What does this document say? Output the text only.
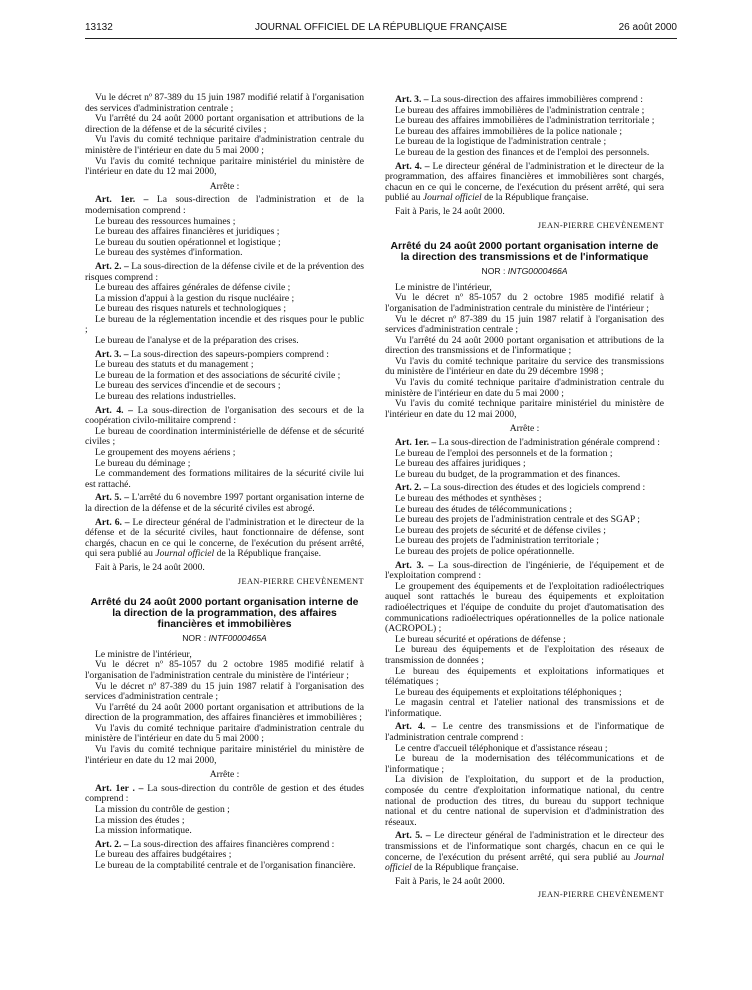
13132	JOURNAL OFFICIEL DE LA RÉPUBLIQUE FRANÇAISE	26 août 2000

Vu le décret nº 87-389 du 15 juin 1987 modifié relatif à l'organisation des services d'administration centrale ;

Vu l'arrêté du 24 août 2000 portant organisation et attributions de la direction de la défense et de la sécurité civiles ;

Vu l'avis du comité technique paritaire d'administration centrale du ministère de l'intérieur en date du 5 mai 2000 ;

Vu l'avis du comité technique paritaire ministériel du ministère de l'intérieur en date du 12 mai 2000,

Arrête :

Art. 1er. – La sous-direction de l'administration et de la modernisation comprend :

Le bureau des ressources humaines ;

Le bureau des affaires financières et juridiques ;

Le bureau du soutien opérationnel et logistique ;

Le bureau des systèmes d'information.

Art. 2. – La sous-direction de la défense civile et de la prévention des risques comprend :

Le bureau des affaires générales de défense civile ;

La mission d'appui à la gestion du risque nucléaire ;

Le bureau des risques naturels et technologiques ;

Le bureau de la réglementation incendie et des risques pour le public ;

Le bureau de l'analyse et de la préparation des crises.

Art. 3. – La sous-direction des sapeurs-pompiers comprend :

Le bureau des statuts et du management ;

Le bureau de la formation et des associations de sécurité civile ;

Le bureau des services d'incendie et de secours ;

Le bureau des relations industrielles.

Art. 4. – La sous-direction de l'organisation des secours et de la coopération civilo-militaire comprend :

Le bureau de coordination interministérielle de défense et de sécurité civiles ;

Le groupement des moyens aériens ;

Le bureau du déminage ;

Le commandement des formations militaires de la sécurité civile lui est rattaché.

Art. 5. – L'arrêté du 6 novembre 1997 portant organisation interne de la direction de la défense et de la sécurité civiles est abrogé.

Art. 6. – Le directeur général de l'administration et le directeur de la défense et de la sécurité civiles, haut fonctionnaire de défense, sont chargés, chacun en ce qui le concerne, de l'exécution du présent arrêté, qui sera publié au Journal officiel de la République française.

Fait à Paris, le 24 août 2000.

JEAN-PIERRE CHEVÈNEMENT

Arrêté du 24 août 2000 portant organisation interne de la direction de la programmation, des affaires financières et immobilières

NOR : INTF0000465A

Le ministre de l'intérieur,

Vu le décret nº 85-1057 du 2 octobre 1985 modifié relatif à l'organisation de l'administration centrale du ministère de l'intérieur ;

Vu le décret nº 87-389 du 15 juin 1987 relatif à l'organisation des services d'administration centrale ;

Vu l'arrêté du 24 août 2000 portant organisation et attributions de la direction de la programmation, des affaires financières et immobilières ;

Vu l'avis du comité technique paritaire d'administration centrale du ministère de l'intérieur en date du 5 mai 2000 ;

Vu l'avis du comité technique paritaire ministériel du ministère de l'intérieur en date du 12 mai 2000,

Arrête :

Art. 1er . – La sous-direction du contrôle de gestion et des études comprend :

La mission du contrôle de gestion ;

La mission des études ;

La mission informatique.

Art. 2. – La sous-direction des affaires financières comprend :

Le bureau des affaires budgétaires ;

Le bureau de la comptabilité centrale et de l'organisation financière.

Art. 3. – La sous-direction des affaires immobilières comprend :

Le bureau des affaires immobilières de l'administration centrale ;

Le bureau des affaires immobilières de l'administration territoriale ;

Le bureau des affaires immobilières de la police nationale ;

Le bureau de la logistique de l'administration centrale ;

Le bureau de la gestion des finances et de l'emploi des personnels.

Art. 4. – Le directeur général de l'administration et le directeur de la programmation, des affaires financières et immobilières sont chargés, chacun en ce qui le concerne, de l'exécution du présent arrêté, qui sera publié au Journal officiel de la République française.

Fait à Paris, le 24 août 2000.

JEAN-PIERRE CHEVÈNEMENT

Arrêté du 24 août 2000 portant organisation interne de la direction des transmissions et de l'informatique

NOR : INTG0000466A

Le ministre de l'intérieur,

Vu le décret nº 85-1057 du 2 octobre 1985 modifié relatif à l'organisation de l'administration centrale du ministère de l'intérieur ;

Vu le décret nº 87-389 du 15 juin 1987 relatif à l'organisation des services d'administration centrale ;

Vu l'arrêté du 24 août 2000 portant organisation et attributions de la direction des transmissions et de l'informatique ;

Vu l'avis du comité technique paritaire du service des transmissions du ministère de l'intérieur en date du 29 décembre 1998 ;

Vu l'avis du comité technique paritaire d'administration centrale du ministère de l'intérieur en date du 5 mai 2000 ;

Vu l'avis du comité technique paritaire ministériel du ministère de l'intérieur en date du 12 mai 2000,

Arrête :

Art. 1er. – La sous-direction de l'administration générale comprend :

Le bureau de l'emploi des personnels et de la formation ;

Le bureau des affaires juridiques ;

Le bureau du budget, de la programmation et des finances.

Art. 2. – La sous-direction des études et des logiciels comprend :

Le bureau des méthodes et synthèses ;

Le bureau des études de télécommunications ;

Le bureau des projets de l'administration centrale et des SGAP ;

Le bureau des projets de sécurité et de défense civiles ;

Le bureau des projets de l'administration territoriale ;

Le bureau des projets de police opérationnelle.

Art. 3. – La sous-direction de l'ingénierie, de l'équipement et de l'exploitation comprend :

Le groupement des équipements et de l'exploitation radioélectriques auquel sont rattachés le bureau des équipements et exploitation radioélectriques et l'équipe de conduite du projet d'automatisation des communications radioélectriques opérationnelles de la police nationale (ACROPOL) ;

Le bureau sécurité et opérations de défense ;

Le bureau des équipements et de l'exploitation des réseaux de transmission de données ;

Le bureau des équipements et exploitations informatiques et télématiques ;

Le bureau des équipements et exploitations téléphoniques ;

Le magasin central et l'atelier national des transmissions et de l'informatique.

Art. 4. – Le centre des transmissions et de l'informatique de l'administration centrale comprend :

Le centre d'accueil téléphonique et d'assistance réseau ;

Le bureau de la modernisation des télécommunications et de l'informatique ;

La division de l'exploitation, du support et de la production, composée du centre d'exploitation informatique national, du centre national de production des titres, du bureau du support technique national et du centre national de supervision et d'administration des réseaux.

Art. 5. – Le directeur général de l'administration et le directeur des transmissions et de l'informatique sont chargés, chacun en ce qui le concerne, de l'exécution du présent arrêté, qui sera publié au Journal officiel de la République française.

Fait à Paris, le 24 août 2000.

JEAN-PIERRE CHEVÈNEMENT
